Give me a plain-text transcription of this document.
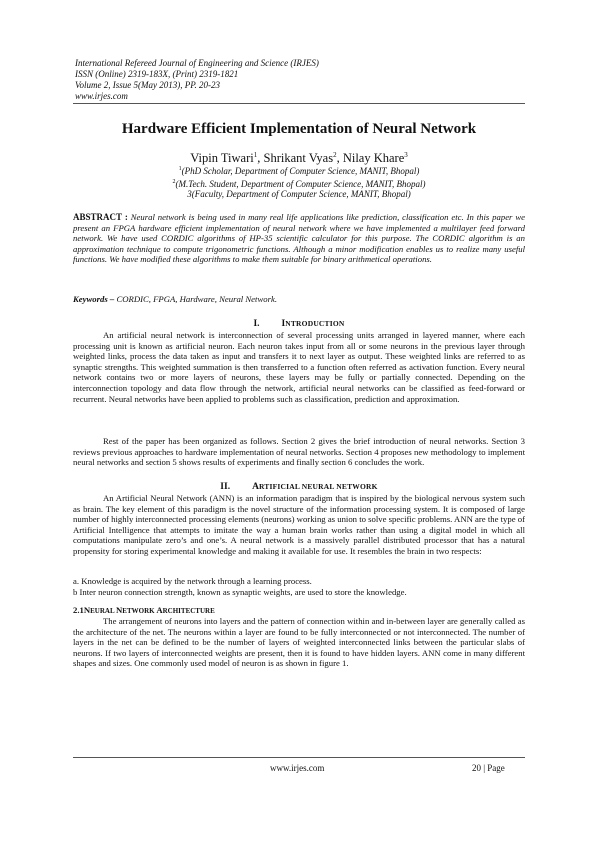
International Refereed Journal of Engineering and Science (IRJES)
ISSN (Online) 2319-183X, (Print) 2319-1821
Volume 2, Issue 5(May 2013), PP. 20-23
www.irjes.com
Hardware Efficient Implementation of Neural Network
Vipin Tiwari$^1$, Shrikant Vyas$^2$, Nilay Khare$^3$
$^1$(PhD Scholar, Department of Computer Science, MANIT, Bhopal)
$^2$(M.Tech. Student, Department of Computer Science, MANIT, Bhopal)
3(Faculty, Department of Computer Science, MANIT, Bhopal)
ABSTRACT : Neural network is being used in many real life applications like prediction, classification etc. In this paper we present an FPGA hardware efficient implementation of neural network where we have implemented a multilayer feed forward network. We have used CORDIC algorithms of HP-35 scientific calculator for this purpose. The CORDIC algorithm is an approximation technique to compute trigonometric functions. Although a minor modification enables us to realize many useful functions. We have modified these algorithms to make them suitable for binary arithmetical operations.
Keywords – CORDIC, FPGA, Hardware, Neural Network.
I. INTRODUCTION
An artificial neural network is interconnection of several processing units arranged in layered manner, where each processing unit is known as artificial neuron. Each neuron takes input from all or some neurons in the previous layer through weighted links, process the data taken as input and transfers it to next layer as output. These weighted links are referred to as synaptic strengths. This weighted summation is then transferred to a function often referred as activation function. Every neural network contains two or more layers of neurons, these layers may be fully or partially connected. Depending on the interconnection topology and data flow through the network, artificial neural networks can be classified as feed-forward or recurrent. Neural networks have been applied to problems such as classification, prediction and approximation.
Rest of the paper has been organized as follows. Section 2 gives the brief introduction of neural networks. Section 3 reviews previous approaches to hardware implementation of neural networks. Section 4 proposes new methodology to implement neural networks and section 5 shows results of experiments and finally section 6 concludes the work.
II. ARTIFICIAL NEURAL NETWORK
An Artificial Neural Network (ANN) is an information paradigm that is inspired by the biological nervous system such as brain. The key element of this paradigm is the novel structure of the information processing system. It is composed of large number of highly interconnected processing elements (neurons) working as union to solve specific problems. ANN are the type of Artificial Intelligence that attempts to imitate the way a human brain works rather than using a digital model in which all computations manipulate zero’s and one’s. A neural network is a massively parallel distributed processor that has a natural propensity for storing experimental knowledge and making it available for use. It resembles the brain in two respects:
a. Knowledge is acquired by the network through a learning process.
b Inter neuron connection strength, known as synaptic weights, are used to store the knowledge.
2.1NEURAL NETWORK ARCHITECTURE
The arrangement of neurons into layers and the pattern of connection within and in-between layer are generally called as the architecture of the net. The neurons within a layer are found to be fully interconnected or not interconnected. The number of layers in the net can be defined to be the number of layers of weighted interconnected links between the particular slabs of neurons. If two layers of interconnected weights are present, then it is found to have hidden layers. ANN come in many different shapes and sizes. One commonly used model of neuron is as shown in figure 1.
www.irjes.com	20 | Page
